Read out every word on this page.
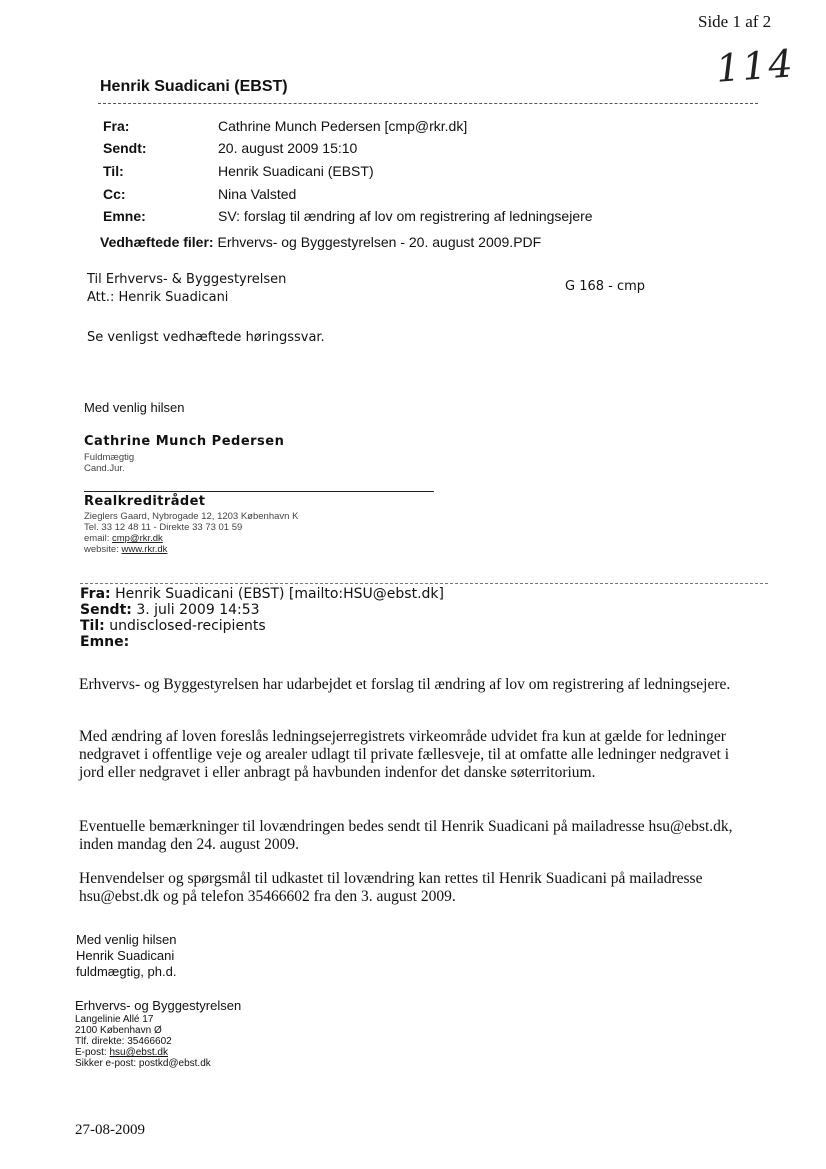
Side 1 af 2
114
Henrik Suadicani (EBST)
Fra:	Cathrine Munch Pedersen [cmp@rkr.dk]
Sendt:	20. august 2009 15:10
Til:	Henrik Suadicani (EBST)
Cc:	Nina Valsted
Emne:	SV: forslag til ændring af lov om registrering af ledningsejere
Vedhæftede filer: Erhvervs- og Byggestyrelsen - 20. august 2009.PDF
Til Erhvervs- & Byggestyrelsen
Att.: Henrik Suadicani
G 168 - cmp
Se venligst vedhæftede høringssvar.
Med venlig hilsen
Cathrine Munch Pedersen
Fuldmægtig
Cand.Jur.
Realkreditrådet
Zieglers Gaard, Nybrogade 12, 1203 København K
Tel. 33 12 48 11 - Direkte 33 73 01 59
email: cmp@rkr.dk
website: www.rkr.dk
Fra: Henrik Suadicani (EBST) [mailto:HSU@ebst.dk]
Sendt: 3. juli 2009 14:53
Til: undisclosed-recipients
Emne:
Erhvervs- og Byggestyrelsen har udarbejdet et forslag til ændring af lov om registrering af ledningsejere.
Med ændring af loven foreslås ledningsejerregistrets virkeområde udvidet fra kun at gælde for ledninger nedgravet i offentlige veje og arealer udlagt til private fællesveje, til at omfatte alle ledninger nedgravet i jord eller nedgravet i eller anbragt på havbunden indenfor det danske søterritorium.
Eventuelle bemærkninger til lovændringen bedes sendt til Henrik Suadicani på mailadresse hsu@ebst.dk, inden mandag den 24. august 2009.
Henvendelser og spørgsmål til udkastet til lovændring kan rettes til Henrik Suadicani på mailadresse hsu@ebst.dk og på telefon 35466602 fra den 3. august 2009.
Med venlig hilsen
Henrik Suadicani
fuldmægtig, ph.d.
Erhvervs- og Byggestyrelsen
Langelinie Allé 17
2100 København Ø
Tlf. direkte: 35466602
E-post: hsu@ebst.dk
Sikker e-post: postkd@ebst.dk
27-08-2009
